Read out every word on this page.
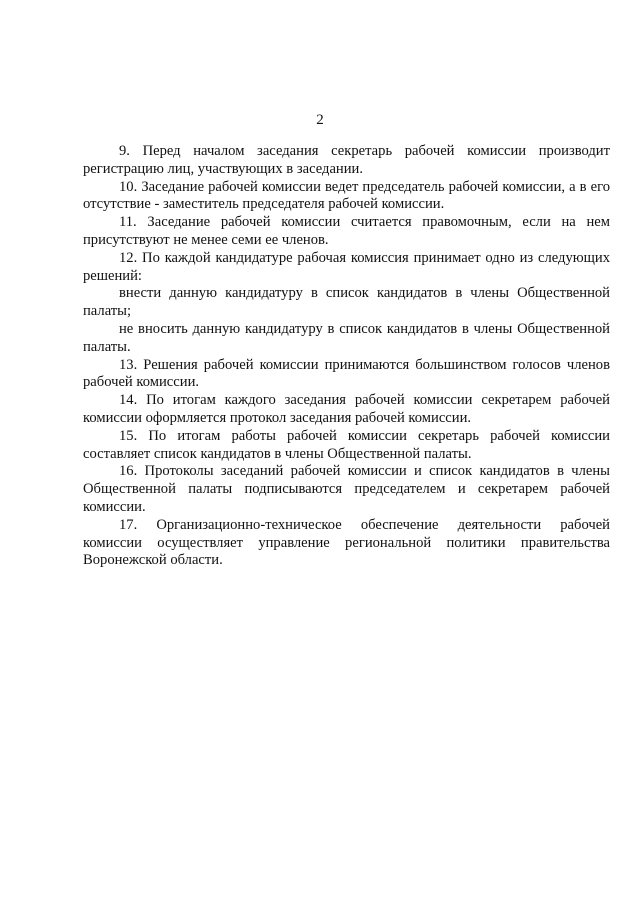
2

9. Перед началом заседания секретарь рабочей комиссии производит регистрацию лиц, участвующих в заседании.

10. Заседание рабочей комиссии ведет председатель рабочей комиссии, а в его отсутствие - заместитель председателя рабочей комиссии.

11. Заседание рабочей комиссии считается правомочным, если на нем присутствуют не менее семи ее членов.

12. По каждой кандидатуре рабочая комиссия принимает одно из следующих решений:

внести данную кандидатуру в список кандидатов в члены Общественной палаты;

не вносить данную кандидатуру в список кандидатов в члены Общественной палаты.

13. Решения рабочей комиссии принимаются большинством голосов членов рабочей комиссии.

14. По итогам каждого заседания рабочей комиссии секретарем рабочей комиссии оформляется протокол заседания рабочей комиссии.

15. По итогам работы рабочей комиссии секретарь рабочей комиссии составляет список кандидатов в члены Общественной палаты.

16. Протоколы заседаний рабочей комиссии и список кандидатов в члены Общественной палаты подписываются председателем и секретарем рабочей комиссии.

17. Организационно-техническое обеспечение деятельности рабочей комиссии осуществляет управление региональной политики правительства Воронежской области.
